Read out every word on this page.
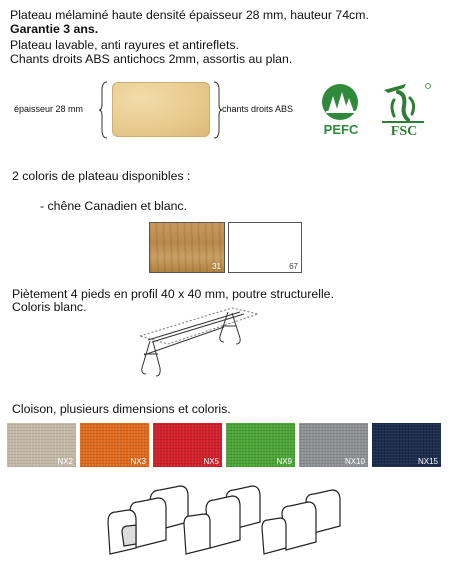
Plateau mélaminé haute densité épaisseur 28 mm, hauteur 74cm.
Garantie 3 ans.
Plateau lavable, anti rayures et antireflets.
Chants droits ABS antichocs 2mm, assortis au plan.
épaisseur 28 mm	chants droits ABS
PEFC FSC
2 coloris de plateau disponibles :
- chêne Canadien et blanc.
31	67
Piètement 4 pieds en profil 40 x 40 mm, poutre structurelle.
Coloris blanc.
Cloison, plusieurs dimensions et coloris.
NX2	NX3	NX5	NX9	NX10	NX15
